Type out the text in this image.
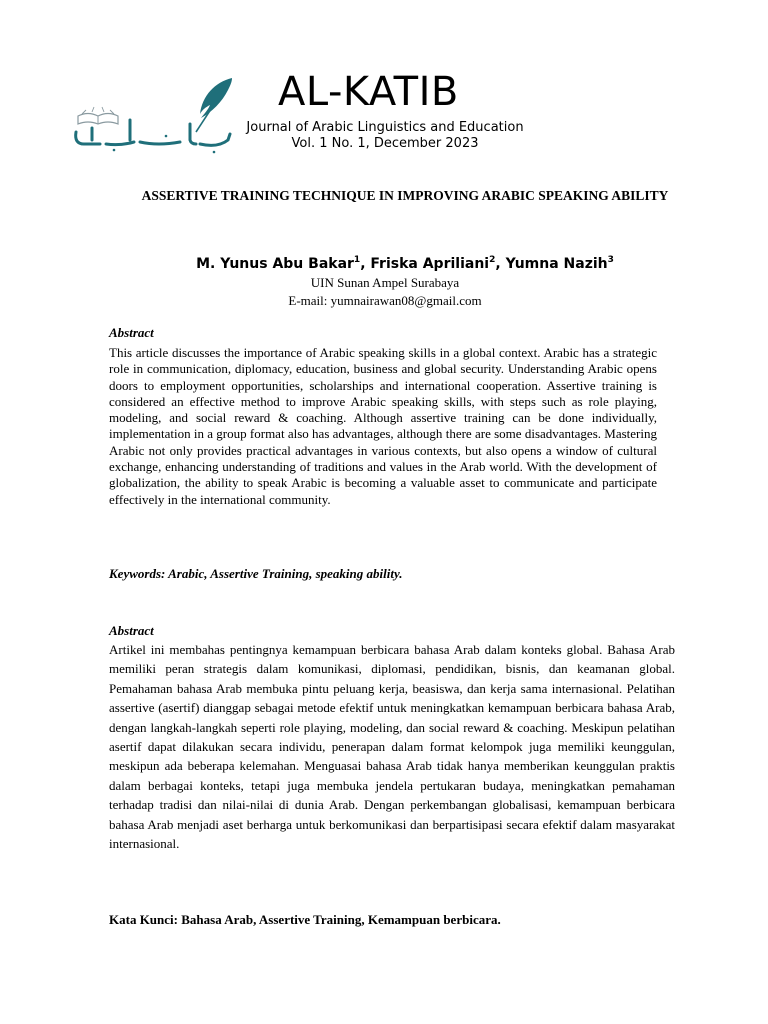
AL-KATIB
Journal of Arabic Linguistics and Education
Vol. 1 No. 1, December 2023
ASSERTIVE TRAINING TECHNIQUE IN IMPROVING ARABIC SPEAKING ABILITY
M. Yunus Abu Bakar$^1$, Friska Apriliani$^2$, Yumna Nazih$^3$
UIN Sunan Ampel Surabaya
E-mail: yumnairawan08@gmail.com
Abstract

This article discusses the importance of Arabic speaking skills in a global context. Arabic has a strategic role in communication, diplomacy, education, business and global security. Understanding Arabic opens doors to employment opportunities, scholarships and international cooperation. Assertive training is considered an effective method to improve Arabic speaking skills, with steps such as role playing, modeling, and social reward & coaching. Although assertive training can be done individually, implementation in a group format also has advantages, although there are some disadvantages. Mastering Arabic not only provides practical advantages in various contexts, but also opens a window of cultural exchange, enhancing understanding of traditions and values in the Arab world. With the development of globalization, the ability to speak Arabic is becoming a valuable asset to communicate and participate effectively in the international community.

Keywords: Arabic, Assertive Training, speaking ability.
Abstract

Artikel ini membahas pentingnya kemampuan berbicara bahasa Arab dalam konteks global. Bahasa Arab memiliki peran strategis dalam komunikasi, diplomasi, pendidikan, bisnis, dan keamanan global. Pemahaman bahasa Arab membuka pintu peluang kerja, beasiswa, dan kerja sama internasional. Pelatihan assertive (asertif) dianggap sebagai metode efektif untuk meningkatkan kemampuan berbicara bahasa Arab, dengan langkah-langkah seperti role playing, modeling, dan social reward & coaching. Meskipun pelatihan asertif dapat dilakukan secara individu, penerapan dalam format kelompok juga memiliki keunggulan, meskipun ada beberapa kelemahan. Menguasai bahasa Arab tidak hanya memberikan keunggulan praktis dalam berbagai konteks, tetapi juga membuka jendela pertukaran budaya, meningkatkan pemahaman terhadap tradisi dan nilai-nilai di dunia Arab. Dengan perkembangan globalisasi, kemampuan berbicara bahasa Arab menjadi aset berharga untuk berkomunikasi dan berpartisipasi secara efektif dalam masyarakat internasional.

Kata Kunci: Bahasa Arab, Assertive Training, Kemampuan berbicara.
